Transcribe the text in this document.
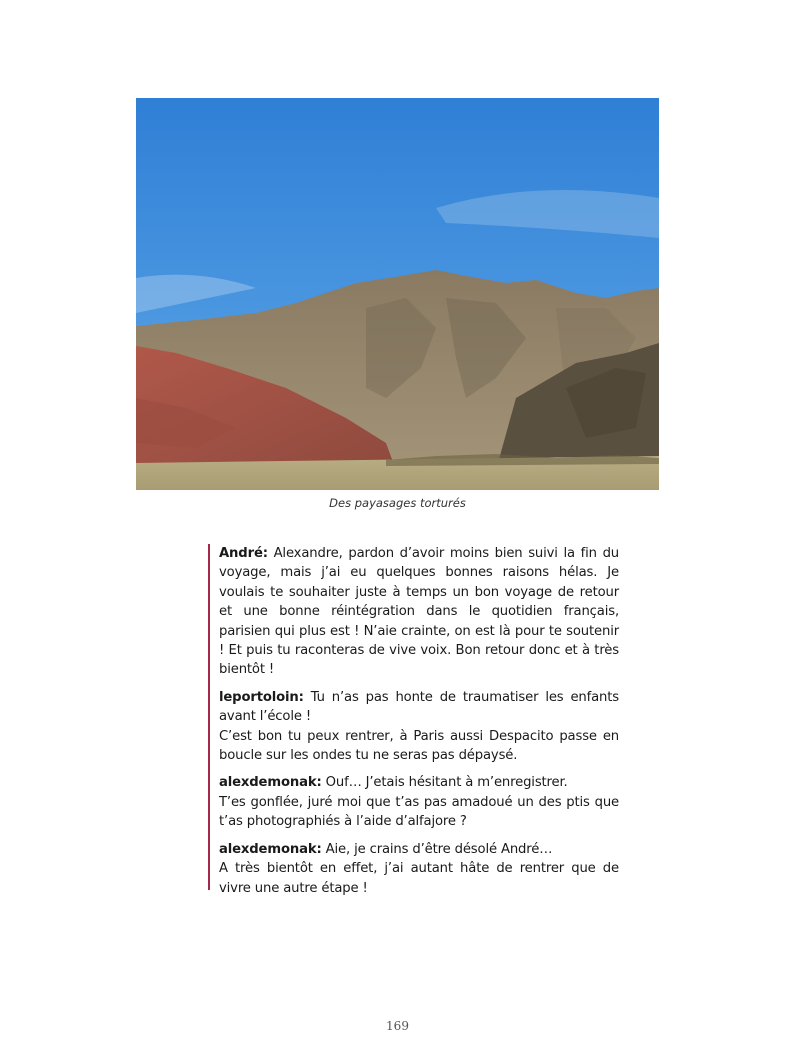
Des payasages torturés

André: Alexandre, pardon d’avoir moins bien suivi la fin du voyage, mais j’ai eu quelques bonnes raisons hélas. Je voulais te souhaiter juste à temps un bon voyage de retour et une bonne réintégration dans le quotidien français, parisien qui plus est ! N’aie crainte, on est là pour te soutenir ! Et puis tu raconteras de vive voix. Bon retour donc et à très bientôt !

leportoloin: Tu n’as pas honte de traumatiser les enfants avant l’école !

C’est bon tu peux rentrer, à Paris aussi Despacito passe en boucle sur les ondes tu ne seras pas dépaysé.

alexdemonak: Ouf… J’etais hésitant à m’enregistrer.

T’es gonflée, juré moi que t’as pas amadoué un des ptis que t’as photographiés à l’aide d’alfajore ?

alexdemonak: Aie, je crains d’être désolé André…

A très bientôt en effet, j’ai autant hâte de rentrer que de vivre une autre étape !

169
